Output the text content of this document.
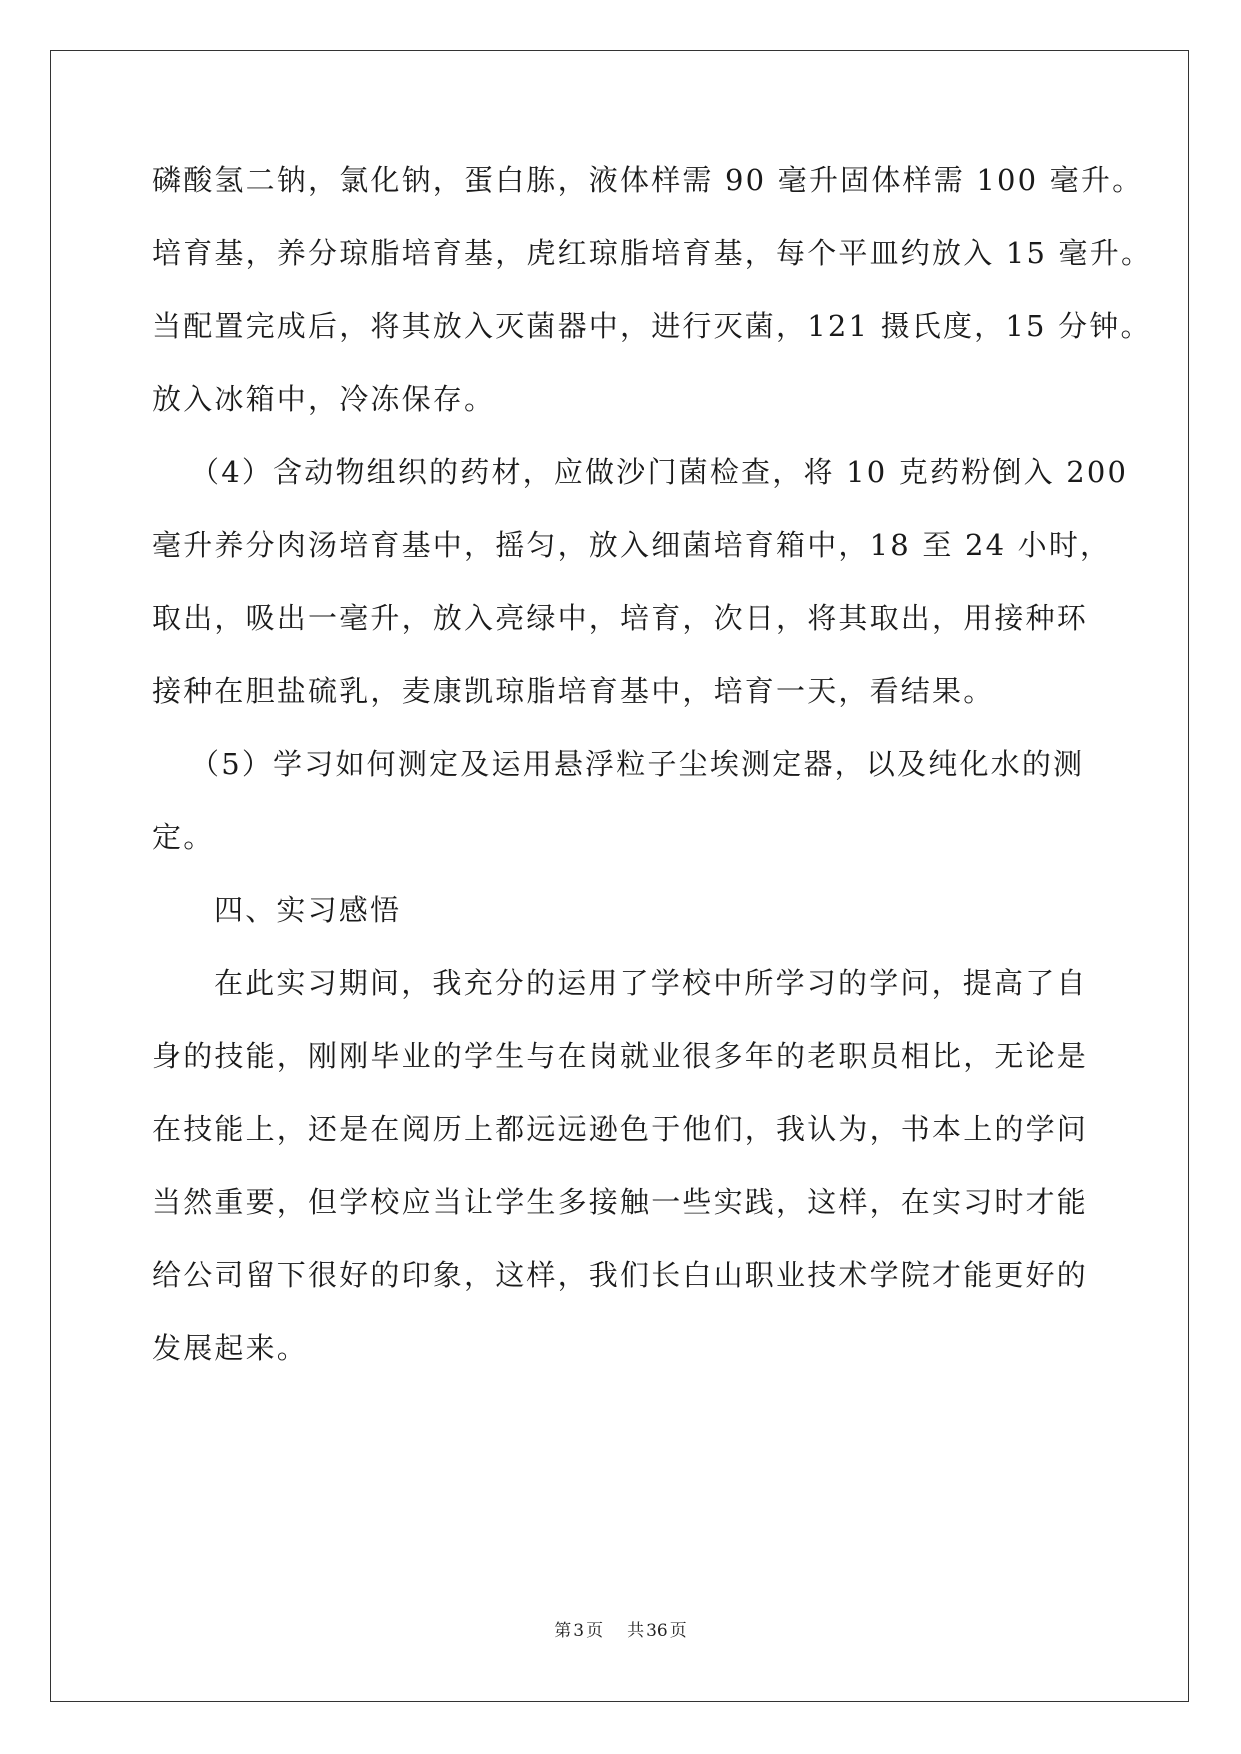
磷酸氢二钠，氯化钠，蛋白胨，液体样需 90 毫升固体样需 100 毫升。
培育基，养分琼脂培育基，虎红琼脂培育基，每个平皿约放入 15 毫升。
当配置完成后，将其放入灭菌器中，进行灭菌，121 摄氏度，15 分钟。
放入冰箱中，冷冻保存。
（4）含动物组织的药材，应做沙门菌检查，将 10 克药粉倒入 200
毫升养分肉汤培育基中，摇匀，放入细菌培育箱中，18 至 24 小时，
取出，吸出一毫升，放入亮绿中，培育，次日，将其取出，用接种环
接种在胆盐硫乳，麦康凯琼脂培育基中，培育一天，看结果。
（5）学习如何测定及运用悬浮粒子尘埃测定器，以及纯化水的测
定。
四、实习感悟
在此实习期间，我充分的运用了学校中所学习的学问，提高了自
身的技能，刚刚毕业的学生与在岗就业很多年的老职员相比，无论是
在技能上，还是在阅历上都远远逊色于他们，我认为，书本上的学问
当然重要，但学校应当让学生多接触一些实践，这样，在实习时才能
给公司留下很好的印象，这样，我们长白山职业技术学院才能更好的
发展起来。
第 3 页 共 36 页
